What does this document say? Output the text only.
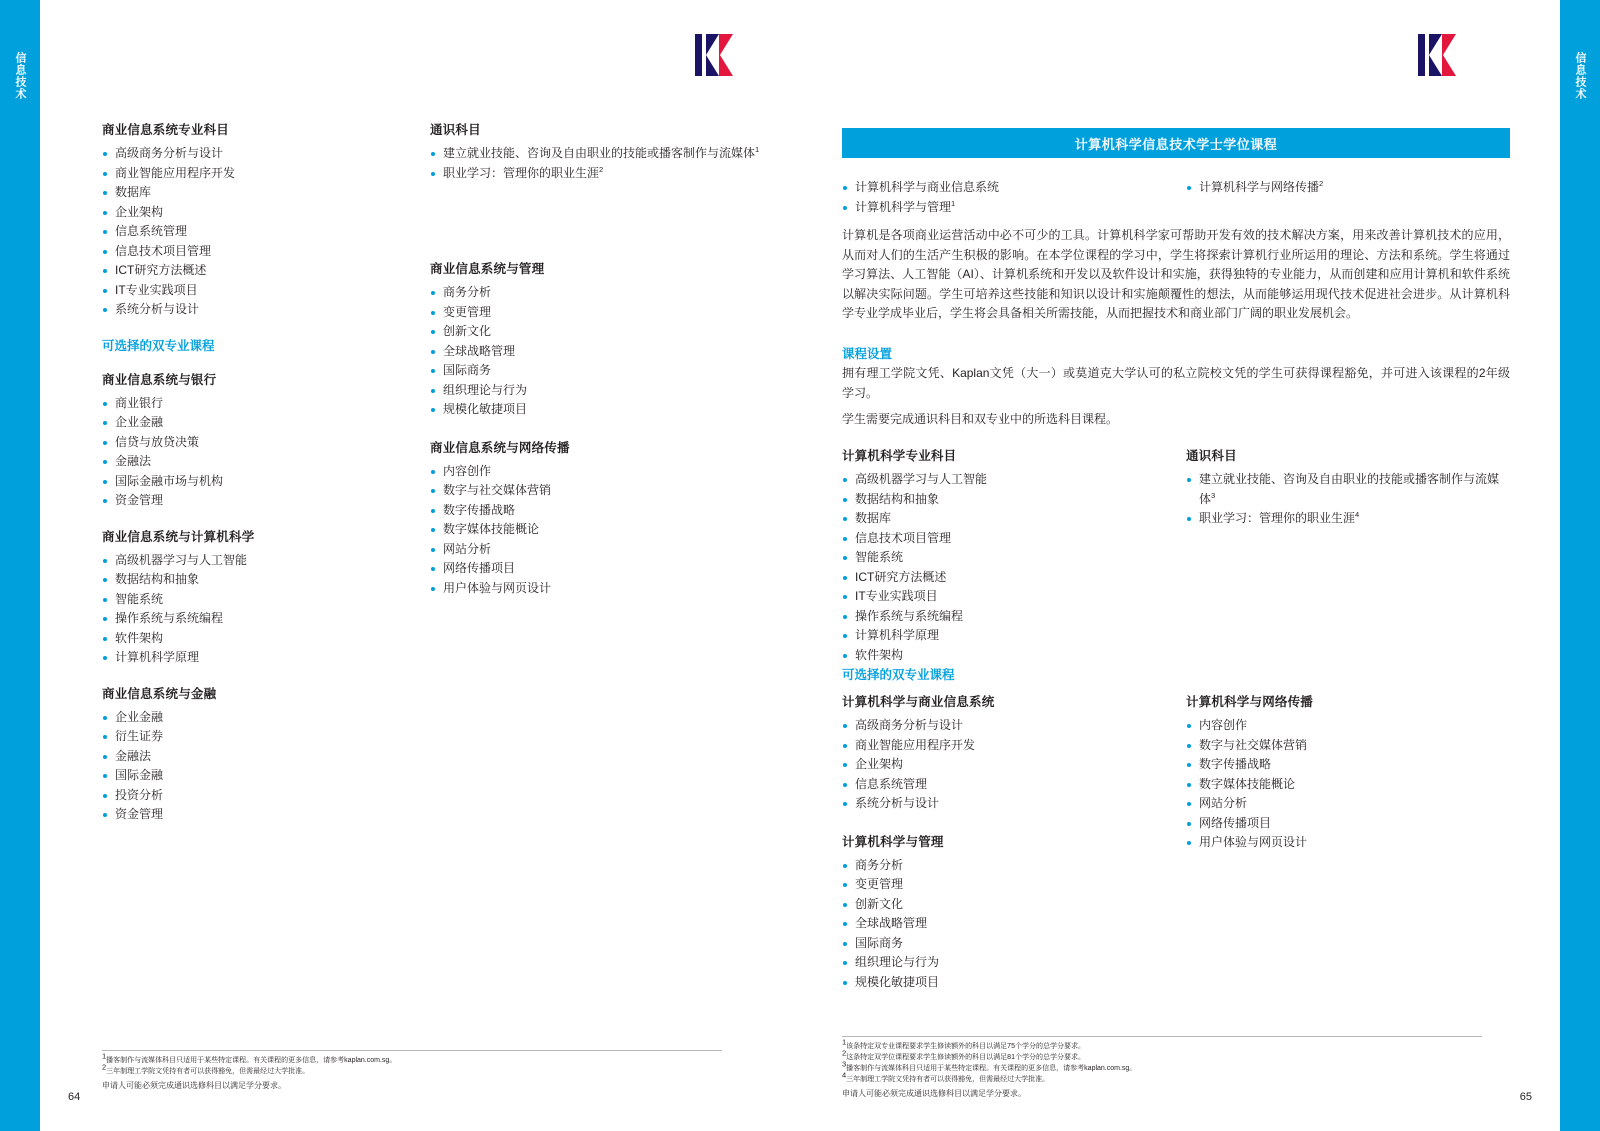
信息技术	信息技术
商业信息系统专业科目
高级商务分析与设计
商业智能应用程序开发
数据库
企业架构
信息系统管理
信息技术项目管理
ICT研究方法概述
IT专业实践项目
系统分析与设计
可选择的双专业课程
商业信息系统与银行
商业银行
企业金融
信贷与放贷决策
金融法
国际金融市场与机构
资金管理
商业信息系统与计算机科学
高级机器学习与人工智能
数据结构和抽象
智能系统
操作系统与系统编程
软件架构
计算机科学原理
商业信息系统与金融
企业金融
衍生证券
金融法
国际金融
投资分析
资金管理
通识科目
建立就业技能、咨询及自由职业的技能或播客制作与流媒体$^1$
职业学习：管理你的职业生涯$^2$
商业信息系统与管理
商务分析
变更管理
创新文化
全球战略管理
国际商务
组织理论与行为
规模化敏捷项目
商业信息系统与网络传播
内容创作
数字与社交媒体营销
数字传播战略
数字媒体技能概论
网站分析
网络传播项目
用户体验与网页设计
$^1$播客制作与流媒体科目只适用于某些特定课程。有关课程的更多信息，请参考kaplan.com.sg。
$^2$三年制理工学院文凭持有者可以获得豁免，但需最经过大学批准。
申请人可能必须完成通识选修科目以满足学分要求。
64
计算机科学信息技术学士学位课程
计算机科学与商业信息系统
计算机科学与管理$^1$
计算机科学与网络传播$^2$
计算机是各项商业运营活动中必不可少的工具。计算机科学家可帮助开发有效的技术解决方案，用来改善计算机技术的应用，从而对人们的生活产生积极的影响。在本学位课程的学习中，学生将探索计算机行业所运用的理论、方法和系统。学生将通过学习算法、人工智能（AI）、计算机系统和开发以及软件设计和实施，获得独特的专业能力，从而创建和应用计算机和软件系统以解决实际问题。学生可培养这些技能和知识以设计和实施颠覆性的想法，从而能够运用现代技术促进社会进步。从计算机科学专业学成毕业后，学生将会具备相关所需技能，从而把握技术和商业部门广阔的职业发展机会。
课程设置
拥有理工学院文凭、Kaplan文凭（大一）或莫道克大学认可的私立院校文凭的学生可获得课程豁免，并可进入该课程的2年级学习。
学生需要完成通识科目和双专业中的所选科目课程。
计算机科学专业科目
高级机器学习与人工智能
数据结构和抽象
数据库
信息技术项目管理
智能系统
ICT研究方法概述
IT专业实践项目
操作系统与系统编程
计算机科学原理
软件架构
通识科目
建立就业技能、咨询及自由职业的技能或播客制作与流媒体$^3$
职业学习：管理你的职业生涯$^4$
可选择的双专业课程
计算机科学与商业信息系统
高级商务分析与设计
商业智能应用程序开发
企业架构
信息系统管理
系统分析与设计
计算机科学与管理
商务分析
变更管理
创新文化
全球战略管理
国际商务
组织理论与行为
规模化敏捷项目
计算机科学与网络传播
内容创作
数字与社交媒体营销
数字传播战略
数字媒体技能概论
网站分析
网络传播项目
用户体验与网页设计
$^1$该条特定双专业课程要求学生修读额外的科目以满足75个学分的总学分要求。
$^2$这条特定双学位课程要求学生修读额外的科目以满足81个学分的总学分要求。
$^3$播客制作与流媒体科目只适用于某些特定课程。有关课程的更多信息，请参考kaplan.com.sg。
$^4$三年制理工学院文凭持有者可以获得豁免，但需最经过大学批准。
申请人可能必须完成通识选修科目以满足学分要求。	65
